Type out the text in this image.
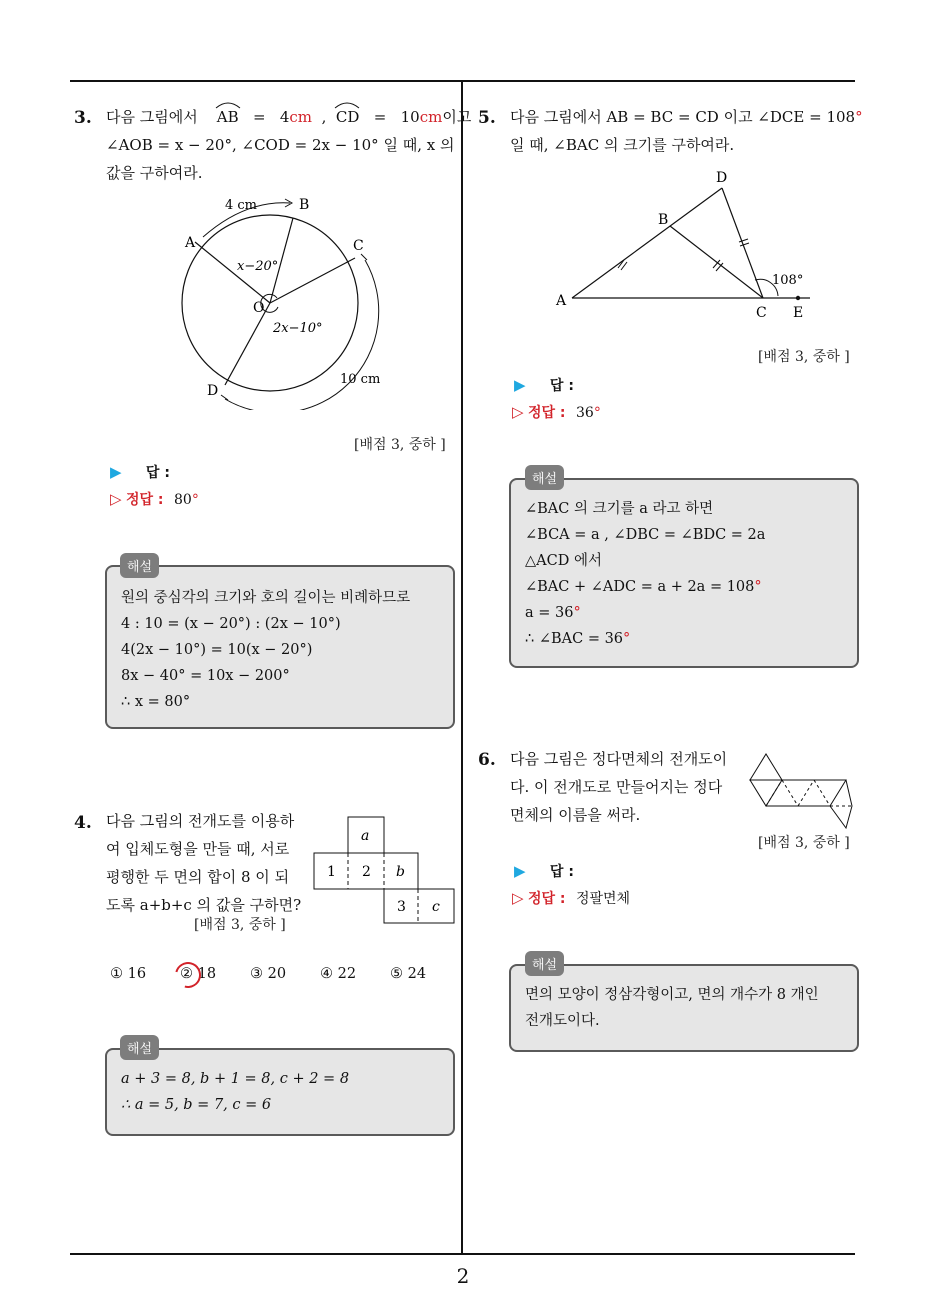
3. 다음 그림에서 AB = 4cm , CD = 10cm이고
∠AOB = x − 20°, ∠COD = 2x − 10° 일 때, x 의
값을 구하여라.
4 cm	B
A	C
O
D
x−20°
2x−10°
10 cm
[배점 3, 중하 ]
▶ 답 :
▷ 정답 : 80°
원의 중심각의 크기와 호의 길이는 비례하므로
4 : 10 = (x − 20°) : (2x − 10°)
4(2x − 10°) = 10(x − 20°)
8x − 40° = 10x − 200°
∴ x = 80°
해설
4. 다음 그림의 전개도를 이용하
여 입체도형을 만들 때, 서로
평행한 두 면의 합이 8 이 되
도록 a+b+c 의 값을 구하면?
[배점 3, 중하 ]
a
1 2 b
3 c
① 16 ② 18 ③ 20 ④ 22 ⑤ 24
a + 3 = 8, b + 1 = 8, c + 2 = 8
∴ a = 5, b = 7, c = 6
해설
5. 다음 그림에서 AB = BC = CD 이고 ∠DCE = 108°
일 때, ∠BAC 의 크기를 구하여라.
A
B
C
D
E
108°
[배점 3, 중하 ]
▶ 답 :
▷ 정답 : 36°
∠BAC 의 크기를 a 라고 하면
∠BCA = a , ∠DBC = ∠BDC = 2a
△ACD 에서
∠BAC + ∠ADC = a + 2a = 108°
a = 36°
∴ ∠BAC = 36°
해설
6. 다음 그림은 정다면체의 전개도이
다. 이 전개도로 만들어지는 정다
면체의 이름을 써라.
[배점 3, 중하 ]
▶ 답 :
▷ 정답 : 정팔면체
면의 모양이 정삼각형이고, 면의 개수가 8 개인
전개도이다.
해설
2
